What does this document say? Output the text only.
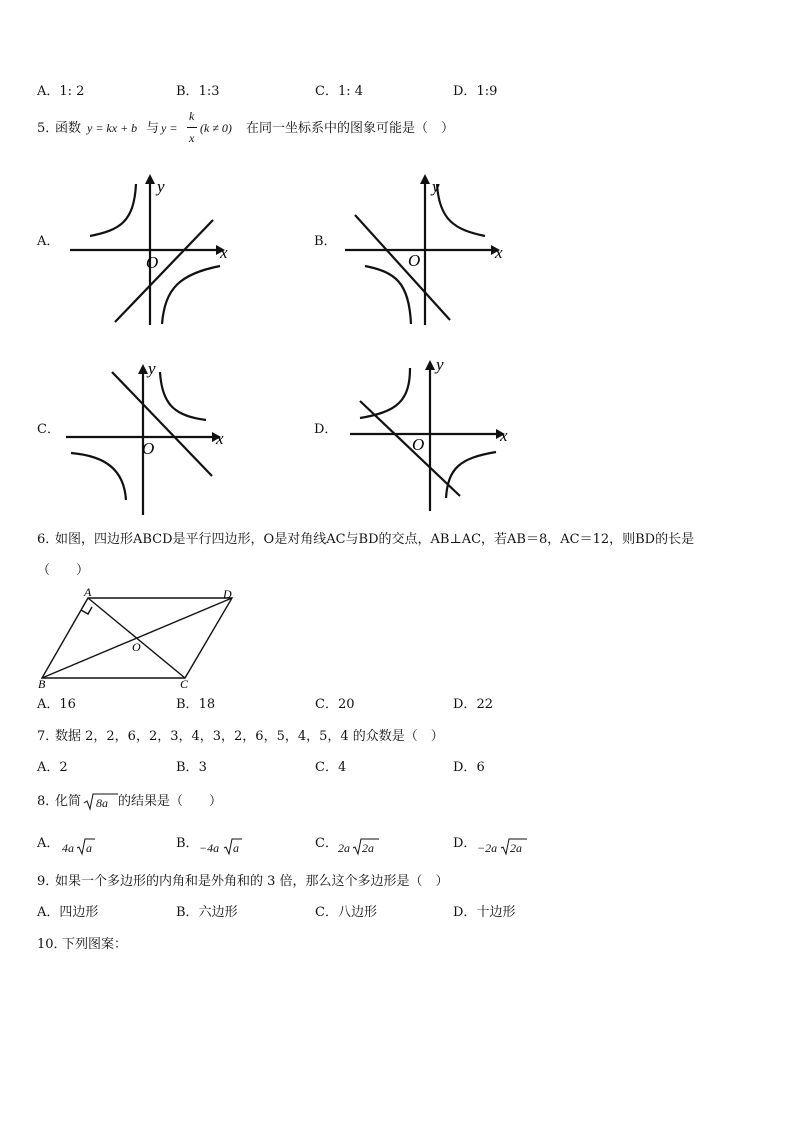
A．1: 2	B．1:3	C．1: 4	D．1:9
5．
函数 y = kx + b 与 y =
k
x
(k ≠ 0) 在同一坐标系中的图象可能是（　）
A．	B．
C．	D．
y
x
O
y
x
O
y
x
O
y
x
O
6．
如图，四边形ABCD是平行四边形，O是对角线AC与BD的交点，AB⊥AC，若AB＝8，AC＝12，则BD的长是
（　　）
A	D
O
B	C
A．16	B．18	C．20	D．22
7．
数据 2，2，6，2，3，4，3，2，6，5，4，5，4 的众数是（　）
A．2	B．3	C．4	D．6
8．
化简 8a 的结果是（　　）
A． 4a a	B． −4a a	C． 2a 2a	D． −2a 2a
9．
如果一个多边形的内角和是外角和的 3 倍，那么这个多边形是（　）
A．四边形	B．六边形	C．八边形	D．十边形
10．
下列图案：
